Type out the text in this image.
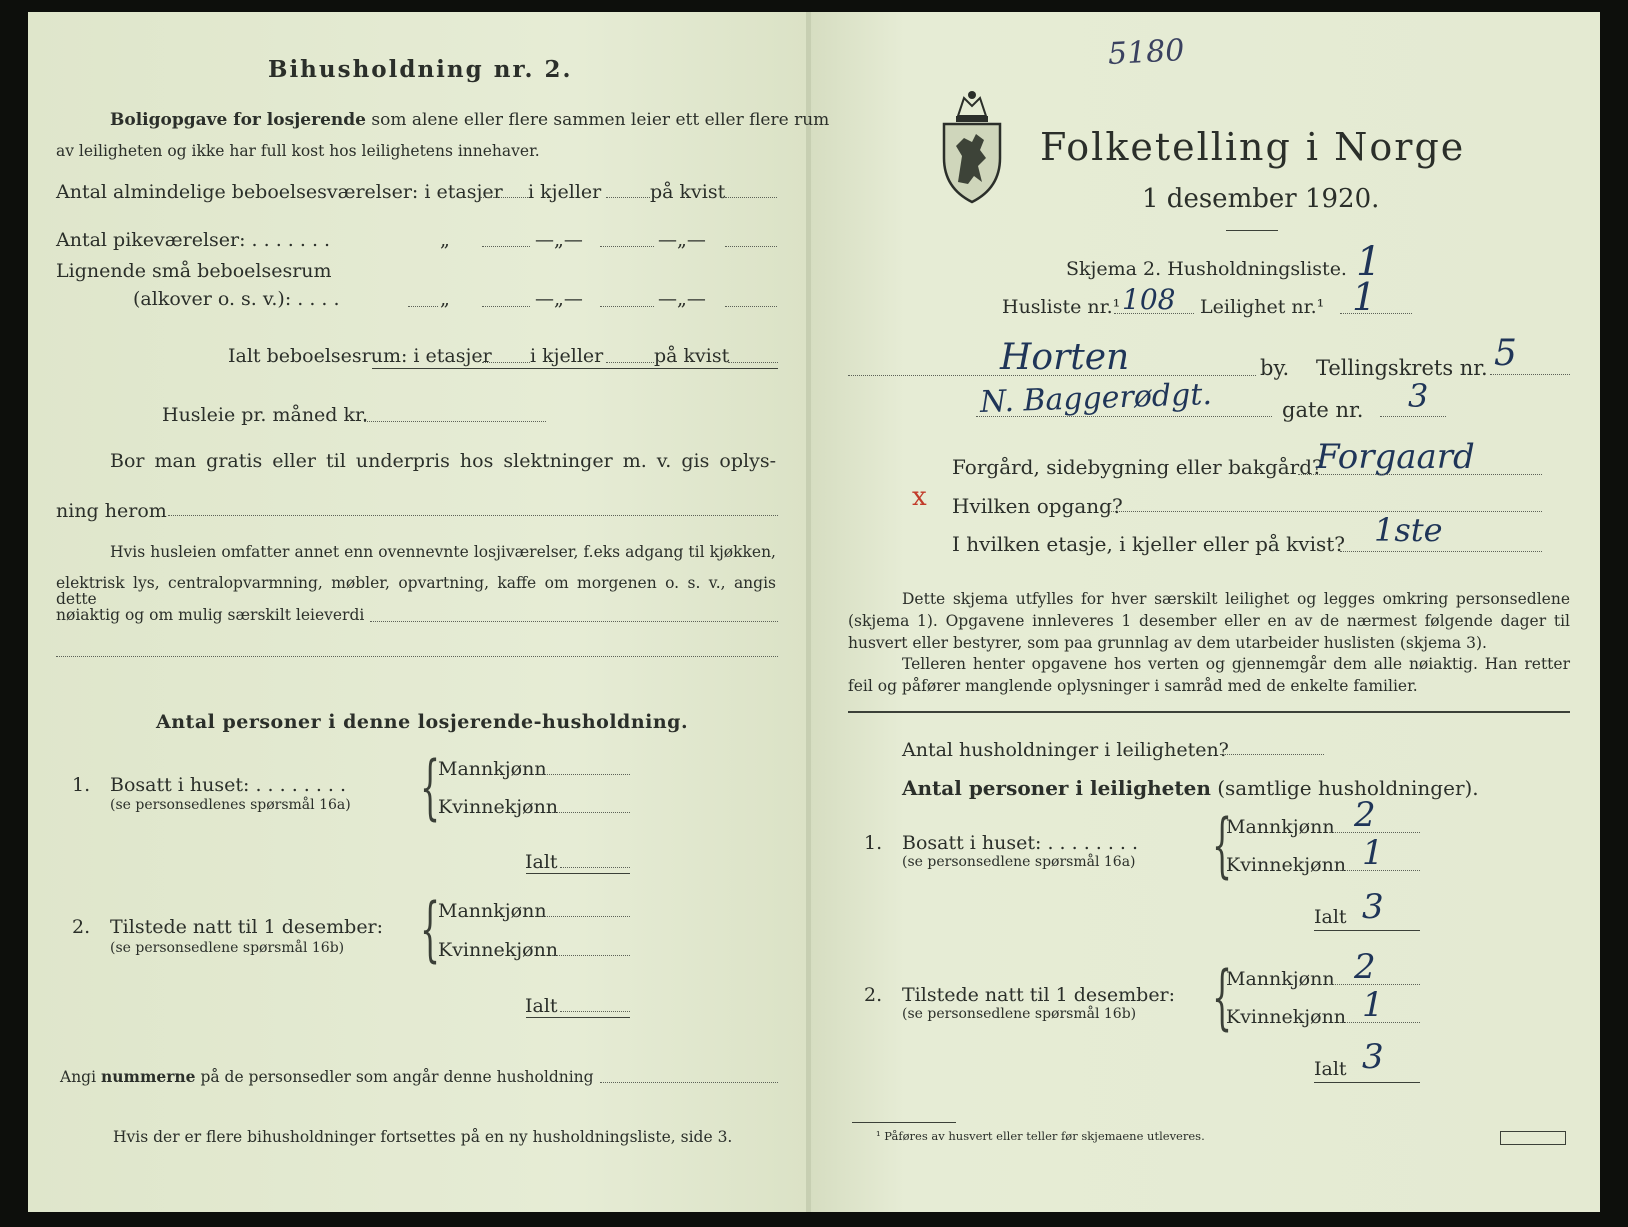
Bihusholdning nr. 2.
Boligopgave for losjerende som alene eller flere sammen leier ett eller flere rum
av leiligheten og ikke har full kost hos leilighetens innehaver.
Antal almindelige beboelsesværelser: i etasjer i kjeller	på kvist
Antal pikeværelser: . . . . . . .	„	—„—	—„—
Lignende små beboelsesrum
(alkover o. s. v.): . . . .	„	—„—	—„—
Ialt beboelsesrum: i etasjer i kjeller	på kvist
Husleie pr. måned kr.
Bor man gratis eller til underpris hos slektninger m. v. gis oplys-
ning herom
Hvis husleien omfatter annet enn ovennevnte losjiværelser, f.eks adgang til kjøkken,
elektrisk lys, centralopvarmning, møbler, opvartning, kaffe om morgenen o. s. v., angis dette
nøiaktig og om mulig særskilt leieverdi
Antal personer i denne losjerende-husholdning.
1. Bosatt i huset: . . . . . . . .
(se personsedlenes spørsmål 16a) {
Mannkjønn
Kvinnekjønn
Ialt
2. Tilstede natt til 1 desember:
(se personsedlene spørsmål 16b) {
Mannkjønn
Kvinnekjønn
Ialt
Angi nummerne på de personsedler som angår denne husholdning
Hvis der er flere bihusholdninger fortsettes på en ny husholdningsliste, side 3.
5180
Folketelling i Norge
1 desember 1920.
Skjema 2. Husholdningsliste. 1
Husliste nr.¹ 108 Leilighet nr.¹ 1
Horten	by. Tellingskrets nr. 5
N. Baggerødgt.	gate nr. 3
Forgård, sidebygning eller bakgård?
Forgaard
x Hvilken opgang?
I hvilken etasje, i kjeller eller på kvist? 1ste
Dette skjema utfylles for hver særskilt leilighet og legges omkring personsedlene
(skjema 1). Opgavene innleveres 1 desember eller en av de nærmest følgende dager til
husvert eller bestyrer, som paa grunnlag av dem utarbeider huslisten (skjema 3).
Telleren henter opgavene hos verten og gjennemgår dem alle nøiaktig. Han retter
feil og påfører manglende oplysninger i samråd med de enkelte familier.
Antal husholdninger i leiligheten?
Antal personer i leiligheten (samtlige husholdninger).
1. Bosatt i huset: . . . . . . . .
(se personsedlene spørsmål 16a) {
Mannkjønn 2
Kvinnekjønn 1
Ialt 3
2. Tilstede natt til 1 desember:
(se personsedlene spørsmål 16b) {
Mannkjønn 2
Kvinnekjønn 1
Ialt 3
¹ Påføres av husvert eller teller før skjemaene utleveres.
